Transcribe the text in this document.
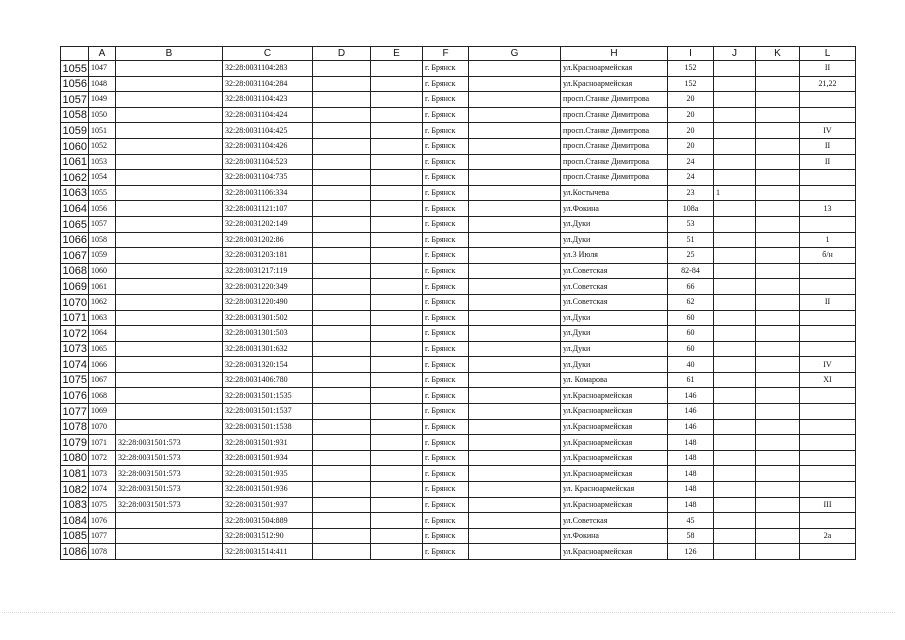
	A	B	C	D	E	F	G	H	I	J	K	L
1055	1047		32:28:0031104:283			г. Брянск		ул.Красноармейская	152			II
1056	1048		32:28:0031104:284			г. Брянск		ул.Красноармейская	152			21,22
1057	1049		32:28:0031104:423			г. Брянск		просп.Станке Димитрова	20			
1058	1050		32:28:0031104:424			г. Брянск		просп.Станке Димитрова	20			
1059	1051		32:28:0031104:425			г. Брянск		просп.Станке Димитрова	20			IV
1060	1052		32:28:0031104:426			г. Брянск		просп.Станке Димитрова	20			II
1061	1053		32:28:0031104:523			г. Брянск		просп.Станке Димитрова	24			II
1062	1054		32:28:0031104:735			г. Брянск		просп.Станке Димитрова	24			
1063	1055		32:28:0031106:334			г. Брянск		ул.Костычева	23	1		
1064	1056		32:28:0031121:107			г. Брянск		ул.Фокина	108а			13
1065	1057		32:28:0031202:149			г. Брянск		ул.Дуки	53			
1066	1058		32:28:0031202:86			г. Брянск		ул.Дуки	51			1
1067	1059		32:28:0031203:181			г. Брянск		ул.3 Июля	25			б/н
1068	1060		32:28:0031217:119			г. Брянск		ул.Советская	82-84			
1069	1061		32:28:0031220:349			г. Брянск		ул.Советская	66			
1070	1062		32:28:0031220:490			г. Брянск		ул.Советская	62			II
1071	1063		32:28:0031301:502			г. Брянск		ул.Дуки	60			
1072	1064		32:28:0031301:503			г. Брянск		ул.Дуки	60			
1073	1065		32:28:0031301:632			г. Брянск		ул.Дуки	60			
1074	1066		32:28:0031320:154			г. Брянск		ул.Дуки	40			IV
1075	1067		32:28:0031406:780			г. Брянск		ул. Комарова	61			XI
1076	1068		32:28:0031501:1535			г. Брянск		ул.Красноармейская	146			
1077	1069		32:28:0031501:1537			г. Брянск		ул.Красноармейская	146			
1078	1070		32:28:0031501:1538			г. Брянск		ул.Красноармейская	146			
1079	1071	32:28:0031501:573	32:28:0031501:931			г. Брянск		ул.Красноармейская	148			
1080	1072	32:28:0031501:573	32:28:0031501:934			г. Брянск		ул.Красноармейская	148			
1081	1073	32:28:0031501:573	32:28:0031501:935			г. Брянск		ул.Красноармейская	148			
1082	1074	32:28:0031501:573	32:28:0031501:936			г. Брянск		ул. Красноармейская	148			
1083	1075	32:28:0031501:573	32:28:0031501:937			г. Брянск		ул.Красноармейская	148			III
1084	1076		32:28:0031504:889			г. Брянск		ул.Советская	45			
1085	1077		32:28:0031512:90			г. Брянск		ул.Фокина	58			2а
1086	1078		32:28:0031514:411			г. Брянск		ул.Красноармейская	126			
